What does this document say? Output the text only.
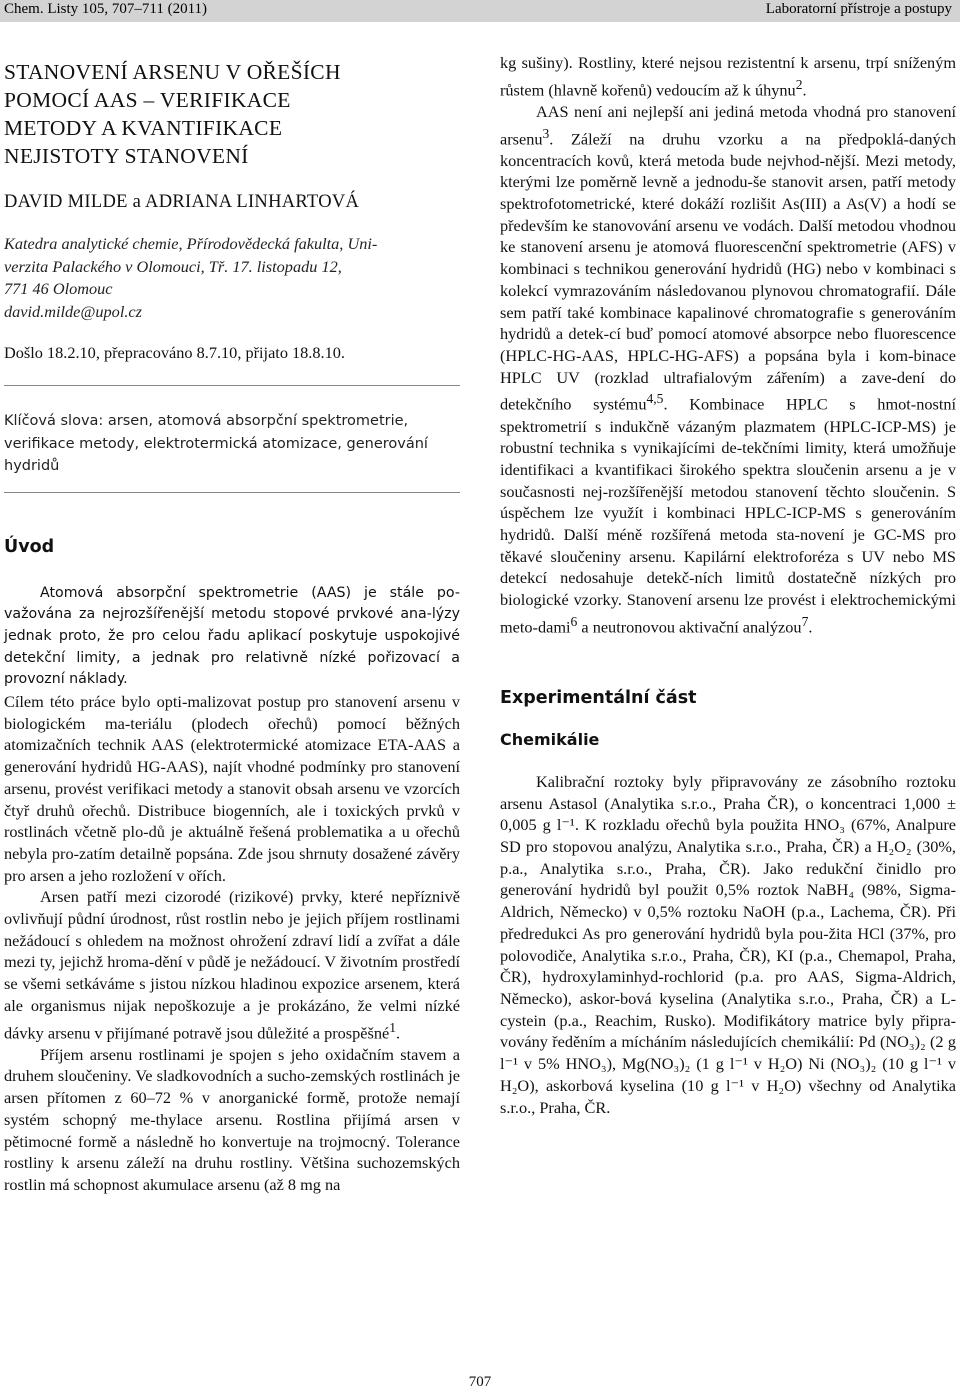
Chem. Listy 105, 707–711 (2011)	Laboratorní přístroje a postupy
STANOVENÍ ARSENU V OŘEŠÍCH
POMOCÍ AAS – VERIFIKACE
METODY A KVANTIFIKACE
NEJISTOTY STANOVENÍ
DAVID MILDE a ADRIANA LINHARTOVÁ
Katedra analytické chemie, Přírodovědecká fakulta, Uni-
verzita Palackého v Olomouci, Tř. 17. listopadu 12,
771 46 Olomouc
david.milde@upol.cz
Došlo 18.2.10, přepracováno 8.7.10, přijato 18.8.10.

Klíčová slova: arsen, atomová absorpční spektrometrie, verifikace metody, elektrotermická atomizace, generování hydridů

Úvod

Atomová absorpční spektrometrie (AAS) je stále po-važována za nejrozšířenější metodu stopové prvkové ana-lýzy jednak proto, že pro celou řadu aplikací poskytuje uspokojivé detekční limity, a jednak pro relativně nízké pořizovací a provozní náklady.

Cílem této práce bylo opti-malizovat postup pro stanovení arsenu v biologickém ma-teriálu (plodech ořechů) pomocí běžných atomizačních technik AAS (elektrotermické atomizace ETA-AAS a generování hydridů HG-AAS), najít vhodné podmínky pro stanovení arsenu, provést verifikaci metody a stanovit obsah arsenu ve vzorcích čtyř druhů ořechů. Distribuce biogenních, ale i toxických prvků v rostlinách včetně plo-dů je aktuálně řešená problematika a u ořechů nebyla pro-zatím detailně popsána. Zde jsou shrnuty dosažené závěry pro arsen a jeho rozložení v ořích.

Arsen patří mezi cizorodé (rizikové) prvky, které nepříznivě ovlivňují půdní úrodnost, růst rostlin nebo je jejich příjem rostlinami nežádoucí s ohledem na možnost ohrožení zdraví lidí a zvířat a dále mezi ty, jejichž hroma-dění v půdě je nežádoucí. V životním prostředí se všemi setkáváme s jistou nízkou hladinou expozice arsenem, která ale organismus nijak nepoškozuje a je prokázáno, že velmi nízké dávky arsenu v přijímané potravě jsou důležité a prospěšné$^1$.

Příjem arsenu rostlinami je spojen s jeho oxidačním stavem a druhem sloučeniny. Ve sladkovodních a sucho-zemských rostlinách je arsen přítomen z 60–72 % v anorganické formě, protože nemají systém schopný me-thylace arsenu. Rostlina přijímá arsen v pětimocné formě a následně ho konvertuje na trojmocný. Tolerance rostliny k arsenu záleží na druhu rostliny. Většina suchozemských rostlin má schopnost akumulace arsenu (až 8 mg na

kg sušiny). Rostliny, které nejsou rezistentní k arsenu, trpí sníženým růstem (hlavně kořenů) vedoucím až k úhynu$^2$.

AAS není ani nejlepší ani jediná metoda vhodná pro stanovení arsenu$^3$. Záleží na druhu vzorku a na předpoklá-daných koncentracích kovů, která metoda bude nejvhod-nější. Mezi metody, kterými lze poměrně levně a jednodu-še stanovit arsen, patří metody spektrofotometrické, které dokáží rozlišit As(III) a As(V) a hodí se především ke stanovování arsenu ve vodách. Další metodou vhodnou ke stanovení arsenu je atomová fluorescenční spektrometrie (AFS) v kombinaci s technikou generování hydridů (HG) nebo v kombinaci s kolekcí vymrazováním následovanou plynovou chromatografií. Dále sem patří také kombinace kapalinové chromatografie s generováním hydridů a detek-cí buď pomocí atomové absorpce nebo fluorescence (HPLC-HG-AAS, HPLC-HG-AFS) a popsána byla i kom-binace HPLC UV (rozklad ultrafialovým zářením) a zave-dení do detekčního systému$^{4,5}$. Kombinace HPLC s hmot-nostní spektrometrií s indukčně vázaným plazmatem (HPLC-ICP-MS) je robustní technika s vynikajícími de-tekčními limity, která umožňuje identifikaci a kvantifikaci širokého spektra sloučenin arsenu a je v současnosti nej-rozšířenější metodou stanovení těchto sloučenin. S úspěchem lze využít i kombinaci HPLC-ICP-MS s generováním hydridů. Další méně rozšířená metoda sta-novení je GC-MS pro těkavé sloučeniny arsenu. Kapilární elektroforéza s UV nebo MS detekcí nedosahuje detekč-ních limitů dostatečně nízkých pro biologické vzorky. Stanovení arsenu lze provést i elektrochemickými meto-dami$^6$ a neutronovou aktivační analýzou$^7$.

Experimentální část
Chemikálie

Kalibrační roztoky byly připravovány ze zásobního roztoku arsenu Astasol (Analytika s.r.o., Praha ČR), o koncentraci 1,000 ± 0,005 g l⁻¹. K rozkladu ořechů byla použita HNO₃ (67%, Analpure SD pro stopovou analýzu, Analytika s.r.o., Praha, ČR) a H₂O₂ (30%, p.a., Analytika s.r.o., Praha, ČR). Jako redukční činidlo pro generování hydridů byl použit 0,5% roztok NaBH₄ (98%, Sigma-Aldrich, Německo) v 0,5% roztoku NaOH (p.a., Lachema, ČR). Při předredukci As pro generování hydridů byla pou-žita HCl (37%, pro polovodiče, Analytika s.r.o., Praha, ČR), KI (p.a., Chemapol, Praha, ČR), hydroxylaminhyd-rochlorid (p.a. pro AAS, Sigma-Aldrich, Německo), askor-bová kyselina (Analytika s.r.o., Praha, ČR) a L-cystein (p.a., Reachim, Rusko). Modifikátory matrice byly připra-vovány ředěním a mícháním následujících chemikálií: Pd (NO₃)₂ (2 g l⁻¹ v 5% HNO₃), Mg(NO₃)₂ (1 g l⁻¹ v H₂O) Ni (NO₃)₂ (10 g l⁻¹ v H₂O), askorbová kyselina (10 g l⁻¹ v H₂O) všechny od Analytika s.r.o., Praha, ČR.

707
